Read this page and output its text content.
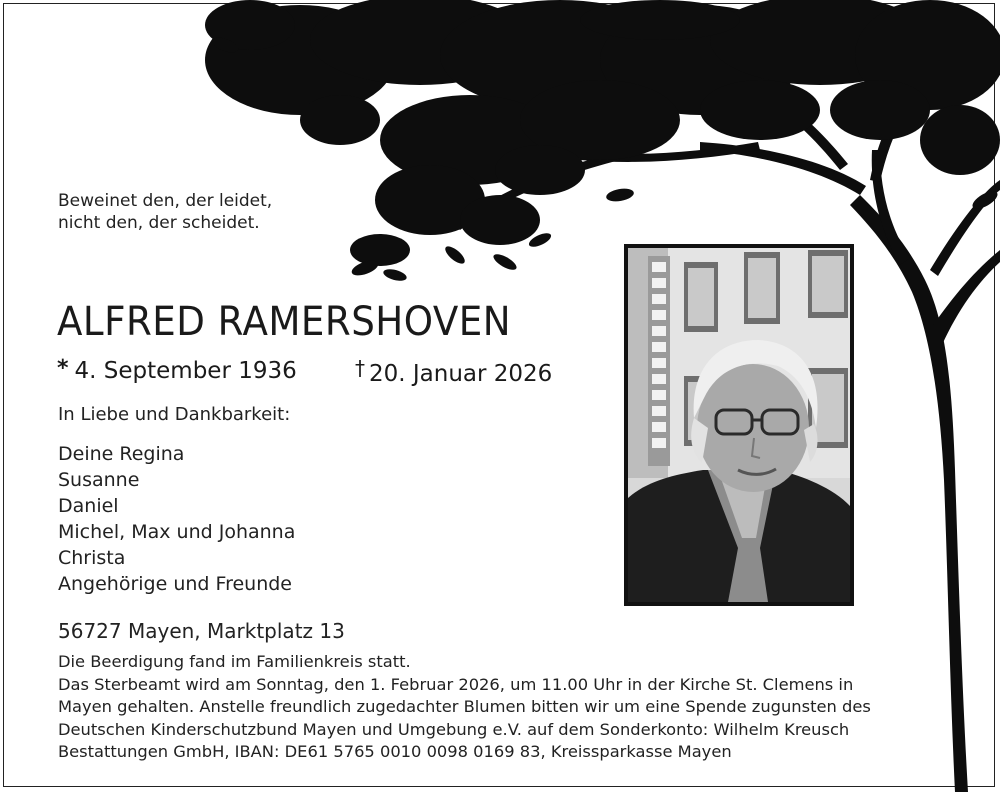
Beweinet den, der leidet,
nicht den, der scheidet.
ALFRED RAMERSHOVEN
* 4. September 1936	† 20. Januar 2026
In Liebe und Dankbarkeit:
Deine Regina
Susanne
Daniel
Michel, Max und Johanna
Christa
Angehörige und Freunde
56727 Mayen, Marktplatz 13
Die Beerdigung fand im Familienkreis statt.
Das Sterbeamt wird am Sonntag, den 1. Februar 2026, um 11.00 Uhr in der Kirche St. Clemens in
Mayen gehalten. Anstelle freundlich zugedachter Blumen bitten wir um eine Spende zugunsten des
Deutschen Kinderschutzbund Mayen und Umgebung e.V. auf dem Sonderkonto: Wilhelm Kreusch
Bestattungen GmbH, IBAN: DE61 5765 0010 0098 0169 83, Kreissparkasse Mayen
